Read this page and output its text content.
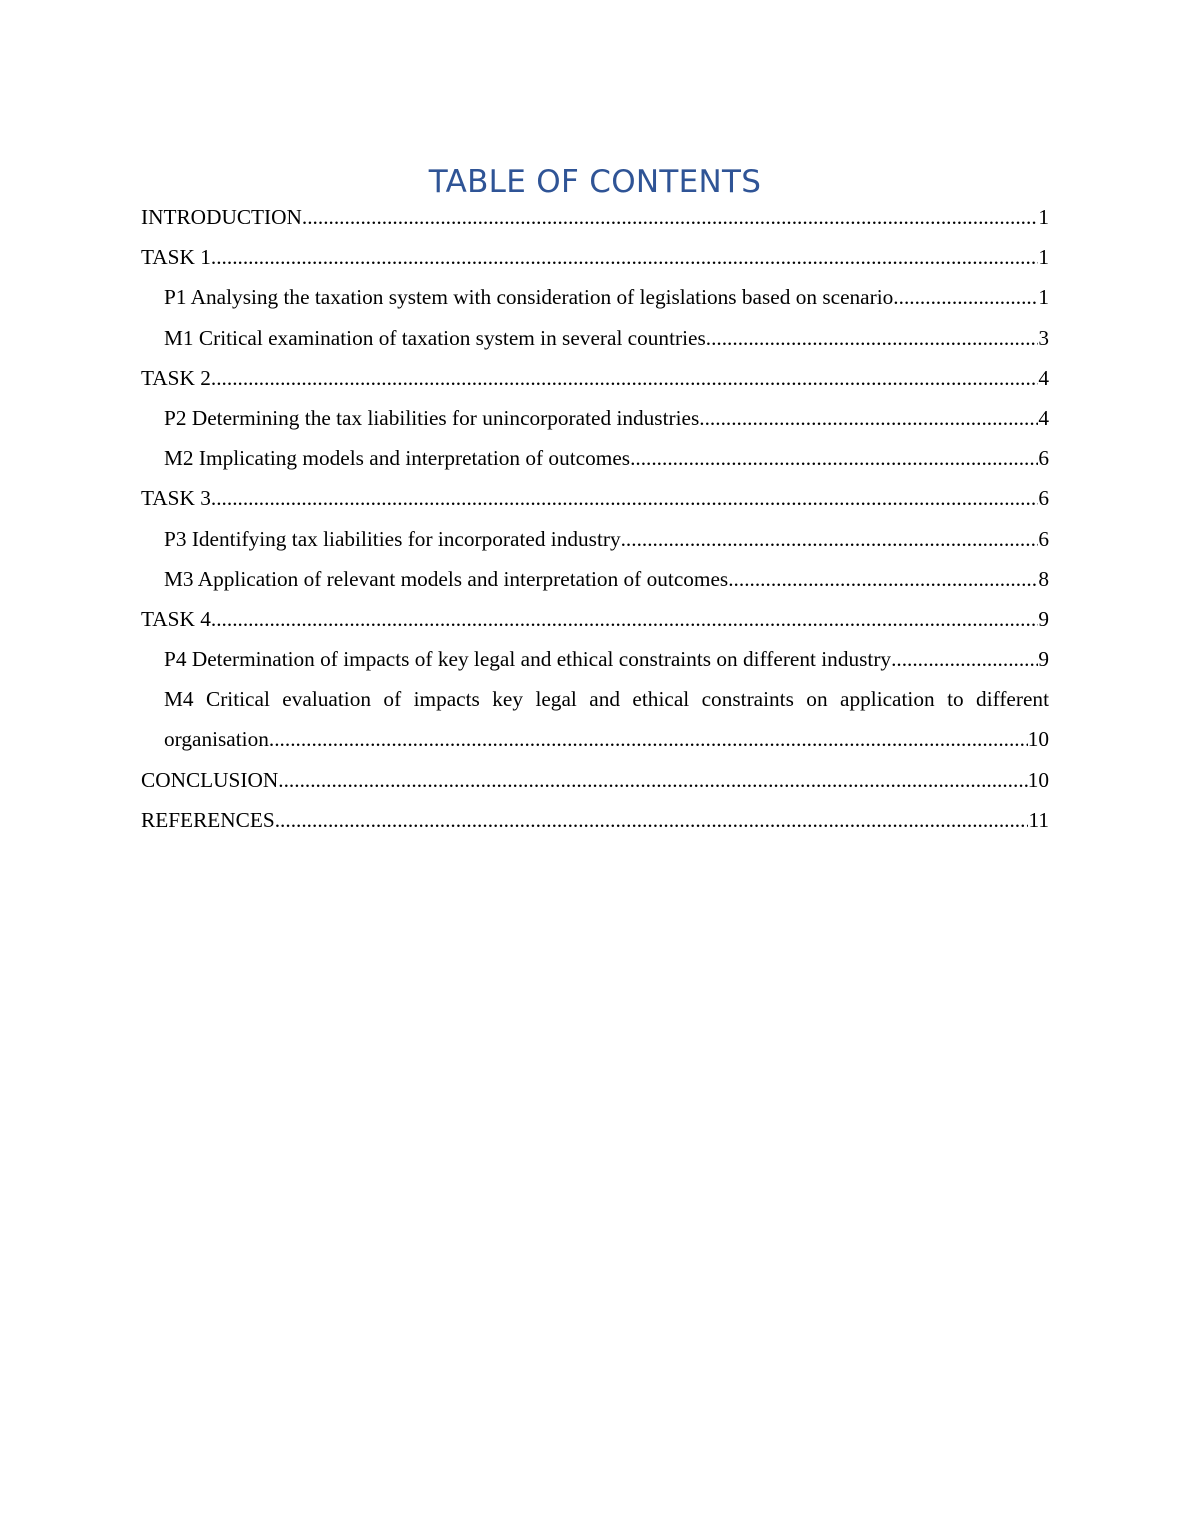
TABLE OF CONTENTS
INTRODUCTION .....	1
TASK 1 .....	1
P1 Analysing the taxation system with consideration of legislations based on scenario .....	1
M1 Critical examination of taxation system in several countries .....	3
TASK 2 .....	4
P2 Determining the tax liabilities for unincorporated industries .....	4
M2 Implicating models and interpretation of outcomes .....	6
TASK 3 .....	6
P3 Identifying tax liabilities for incorporated industry .....	6
M3 Application of relevant models and interpretation of outcomes .....	8
TASK 4 .....	9
P4 Determination of impacts of key legal and ethical constraints on different industry .....	9
M4 Critical evaluation of impacts key legal and ethical constraints on application to different
organisation .....	10
CONCLUSION .....	10
REFERENCES .....	11
